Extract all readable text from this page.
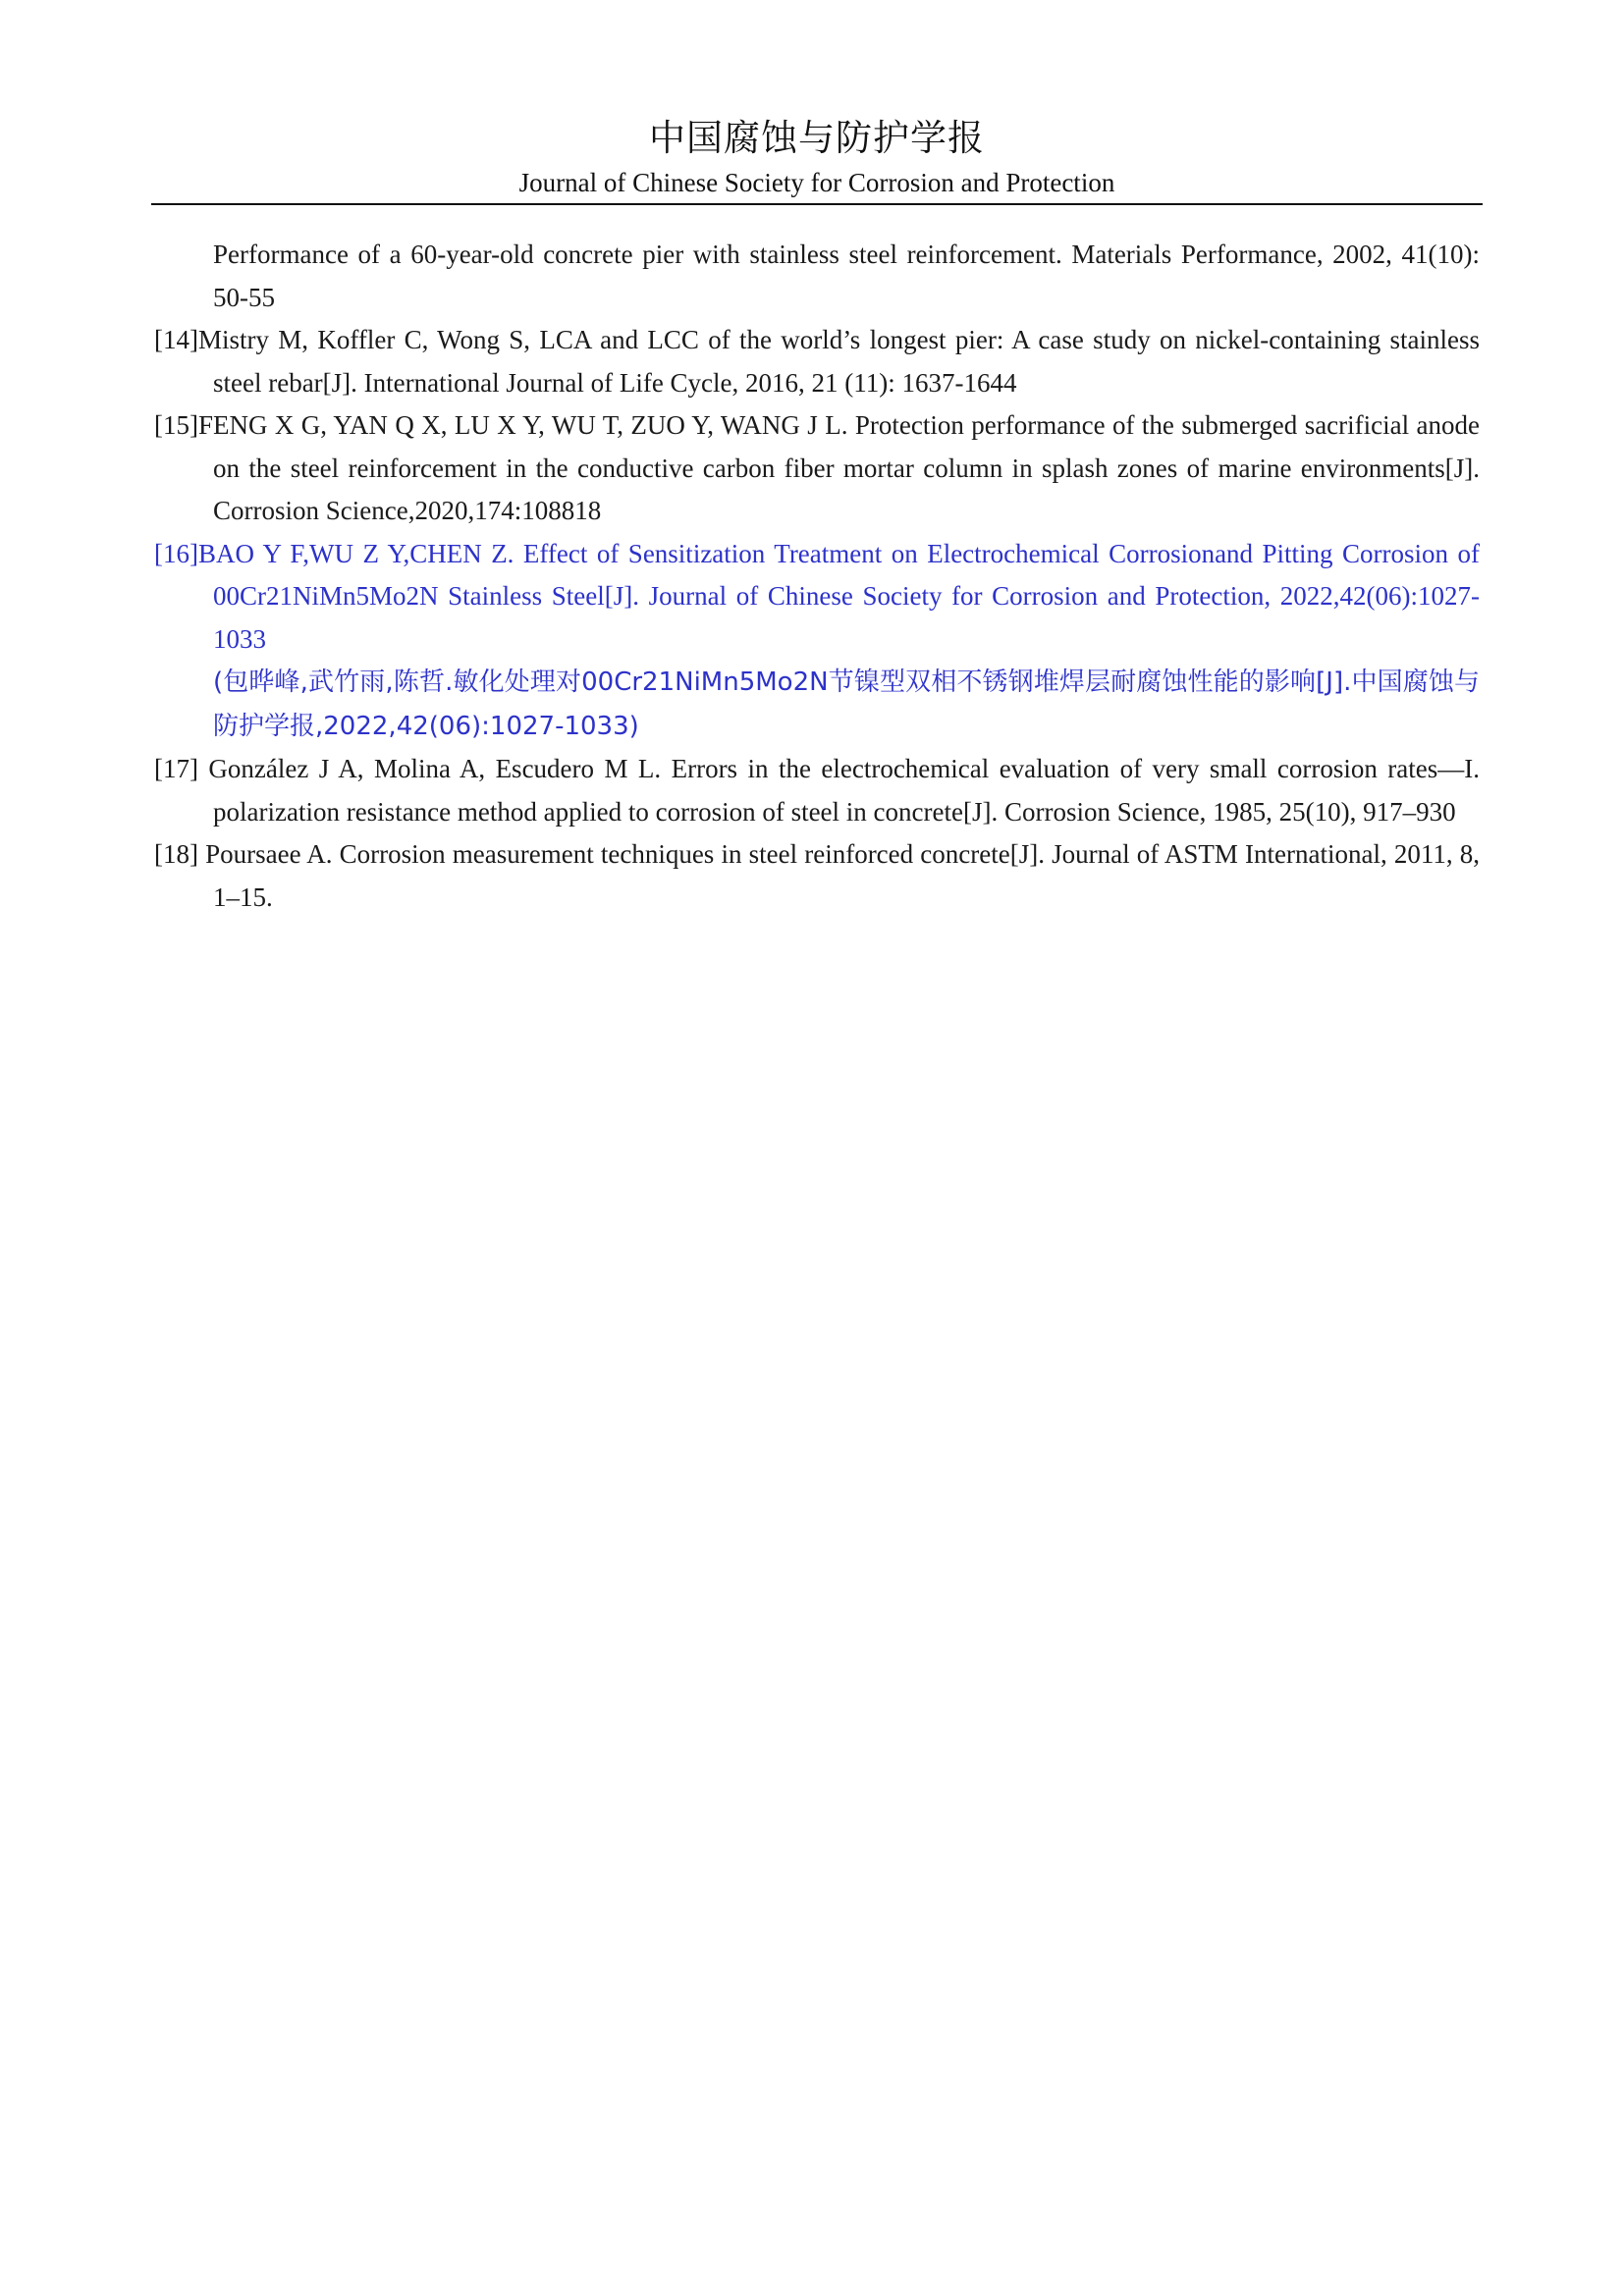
中国腐蚀与防护学报
Journal of Chinese Society for Corrosion and Protection

Performance of a 60-year-old concrete pier with stainless steel reinforcement. Materials Performance, 2002, 41(10): 50-55

[14]Mistry M, Koffler C, Wong S, LCA and LCC of the world’s longest pier: A case study on nickel-containing stainless steel rebar[J]. International Journal of Life Cycle, 2016, 21 (11): 1637-1644

[15]FENG X G, YAN Q X, LU X Y, WU T, ZUO Y, WANG J L. Protection performance of the submerged sacrificial anode on the steel reinforcement in the conductive carbon fiber mortar column in splash zones of marine environments[J]. Corrosion Science,2020,174:108818

[16]BAO Y F,WU Z Y,CHEN Z. Effect of Sensitization Treatment on Electrochemical Corrosionand Pitting Corrosion of 00Cr21NiMn5Mo2N Stainless Steel[J]. Journal of Chinese Society for Corrosion and Protection, 2022,42(06):1027-1033

(包晔峰,武竹雨,陈哲.敏化处理对00Cr21NiMn5Mo2N节镍型双相不锈钢堆焊层耐腐蚀性能的影响[J].中国腐蚀与防护学报,2022,42(06):1027-1033)

[17] González J A, Molina A, Escudero M L. Errors in the electrochemical evaluation of very small corrosion rates—I. polarization resistance method applied to corrosion of steel in concrete[J]. Corrosion Science, 1985, 25(10), 917–930

[18] Poursaee A. Corrosion measurement techniques in steel reinforced concrete[J]. Journal of ASTM International, 2011, 8, 1–15.
